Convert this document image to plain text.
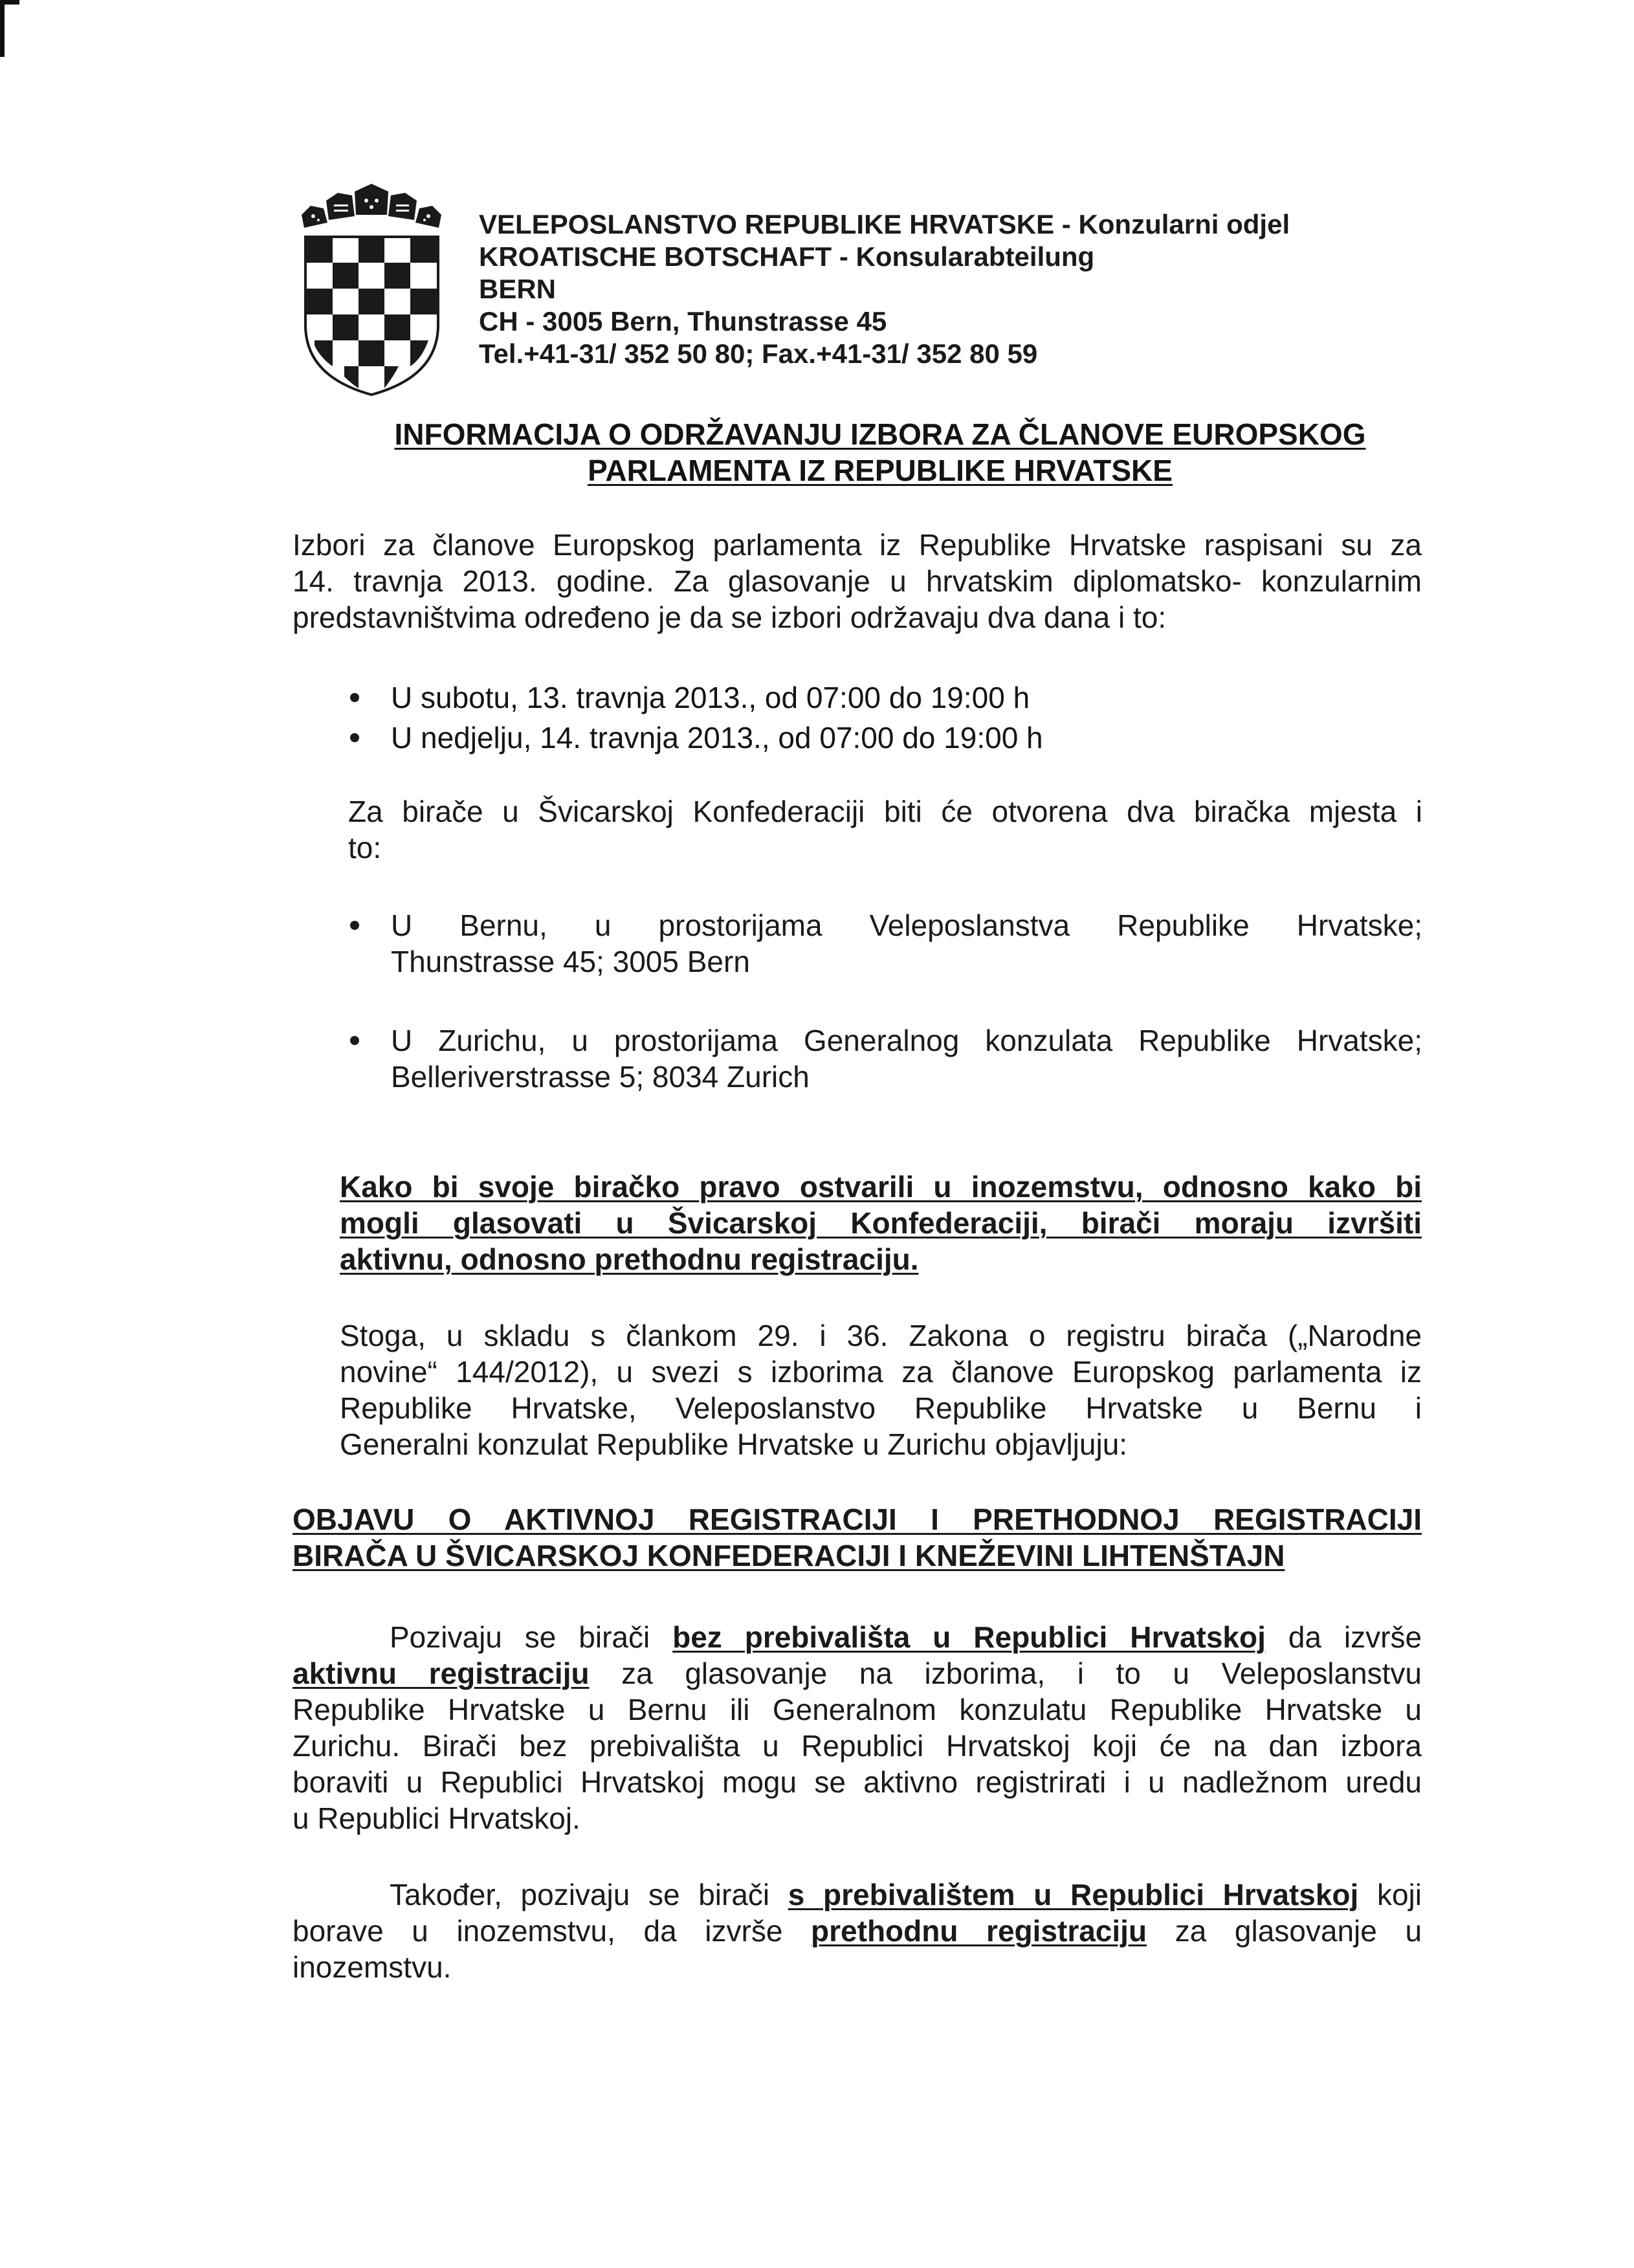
VELEPOSLANSTVO REPUBLIKE HRVATSKE - Konzularni odjel
KROATISCHE BOTSCHAFT - Konsularabteilung
BERN
CH - 3005 Bern, Thunstrasse 45
Tel.+41-31/ 352 50 80; Fax.+41-31/ 352 80 59
INFORMACIJA O ODRŽAVANJU IZBORA ZA ČLANOVE EUROPSKOG
PARLAMENTA IZ REPUBLIKE HRVATSKE
Izbori za članove Europskog parlamenta iz Republike Hrvatske raspisani su za
14. travnja 2013. godine. Za glasovanje u hrvatskim diplomatsko- konzularnim
predstavništvima određeno je da se izbori održavaju dva dana i to:
U subotu, 13. travnja 2013., od 07:00 do 19:00 h
U nedjelju, 14. travnja 2013., od 07:00 do 19:00 h
Za birače u Švicarskoj Konfederaciji biti će otvorena dva biračka mjesta i
to:
U Bernu, u prostorijama Veleposlanstva Republike Hrvatske;
Thunstrasse 45; 3005 Bern
U Zurichu, u prostorijama Generalnog konzulata Republike Hrvatske;
Belleriverstrasse 5; 8034 Zurich
Kako bi svoje biračko pravo ostvarili u inozemstvu, odnosno kako bi
mogli glasovati u Švicarskoj Konfederaciji, birači moraju izvršiti
aktivnu, odnosno prethodnu registraciju.
Stoga, u skladu s člankom 29. i 36. Zakona o registru birača („Narodne
novine“ 144/2012), u svezi s izborima za članove Europskog parlamenta iz
Republike Hrvatske, Veleposlanstvo Republike Hrvatske u Bernu i
Generalni konzulat Republike Hrvatske u Zurichu objavljuju:
OBJAVU O AKTIVNOJ REGISTRACIJI I PRETHODNOJ REGISTRACIJI
BIRAČA U ŠVICARSKOJ KONFEDERACIJI I KNEŽEVINI LIHTENŠTAJN
Pozivaju se birači bez prebivališta u Republici Hrvatskoj da izvrše
aktivnu registraciju za glasovanje na izborima, i to u Veleposlanstvu
Republike Hrvatske u Bernu ili Generalnom konzulatu Republike Hrvatske u
Zurichu. Birači bez prebivališta u Republici Hrvatskoj koji će na dan izbora
boraviti u Republici Hrvatskoj mogu se aktivno registrirati i u nadležnom uredu
u Republici Hrvatskoj.
Također, pozivaju se birači s prebivalištem u Republici Hrvatskoj koji
borave u inozemstvu, da izvrše prethodnu registraciju za glasovanje u
inozemstvu.
